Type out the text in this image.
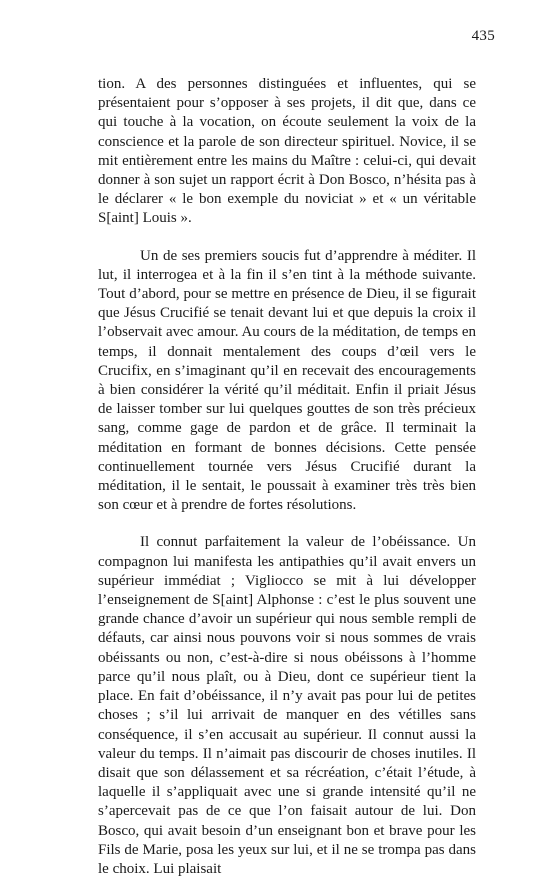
435

tion. A des personnes distinguées et influentes, qui se présentaient pour s’opposer à ses projets, il dit que, dans ce qui touche à la vocation, on écoute seulement la voix de la conscience et la parole de son directeur spirituel. Novice, il se mit entièrement entre les mains du Maître : celui-ci, qui devait donner à son sujet un rapport écrit à Don Bosco, n’hésita pas à le déclarer « le bon exemple du noviciat » et « un véritable S[aint] Louis ».

Un de ses premiers soucis fut d’apprendre à méditer. Il lut, il interrogea et à la fin il s’en tint à la méthode suivante. Tout d’abord, pour se mettre en présence de Dieu, il se figurait que Jésus Crucifié se tenait devant lui et que depuis la croix il l’observait avec amour. Au cours de la méditation, de temps en temps, il donnait mentalement des coups d’œil vers le Crucifix, en s’imaginant qu’il en recevait des encouragements à bien considérer la vérité qu’il méditait. Enfin il priait Jésus de laisser tomber sur lui quelques gouttes de son très précieux sang, comme gage de pardon et de grâce. Il terminait la méditation en formant de bonnes décisions. Cette pensée continuellement tournée vers Jésus Crucifié durant la méditation, il le sentait, le poussait à examiner très très bien son cœur et à prendre de fortes résolutions.

Il connut parfaitement la valeur de l’obéissance. Un compagnon lui manifesta les antipathies qu’il avait envers un supérieur immédiat ; Vigliocco se mit à lui développer l’enseignement de S[aint] Alphonse : c’est le plus souvent une grande chance d’avoir un supérieur qui nous semble rempli de défauts, car ainsi nous pouvons voir si nous sommes de vrais obéissants ou non, c’est-à-dire si nous obéissons à l’homme parce qu’il nous plaît, ou à Dieu, dont ce supérieur tient la place. En fait d’obéissance, il n’y avait pas pour lui de petites choses ; s’il lui arrivait de manquer en des vétilles sans conséquence, il s’en accusait au supérieur. Il connut aussi la valeur du temps. Il n’aimait pas discourir de choses inutiles. Il disait que son délassement et sa récréation, c’était l’étude, à laquelle il s’appliquait avec une si grande intensité qu’il ne s’apercevait pas de ce que l’on faisait autour de lui. Don Bosco, qui avait besoin d’un enseignant bon et brave pour les Fils de Marie, posa les yeux sur lui, et il ne se trompa pas dans le choix. Lui plaisait
